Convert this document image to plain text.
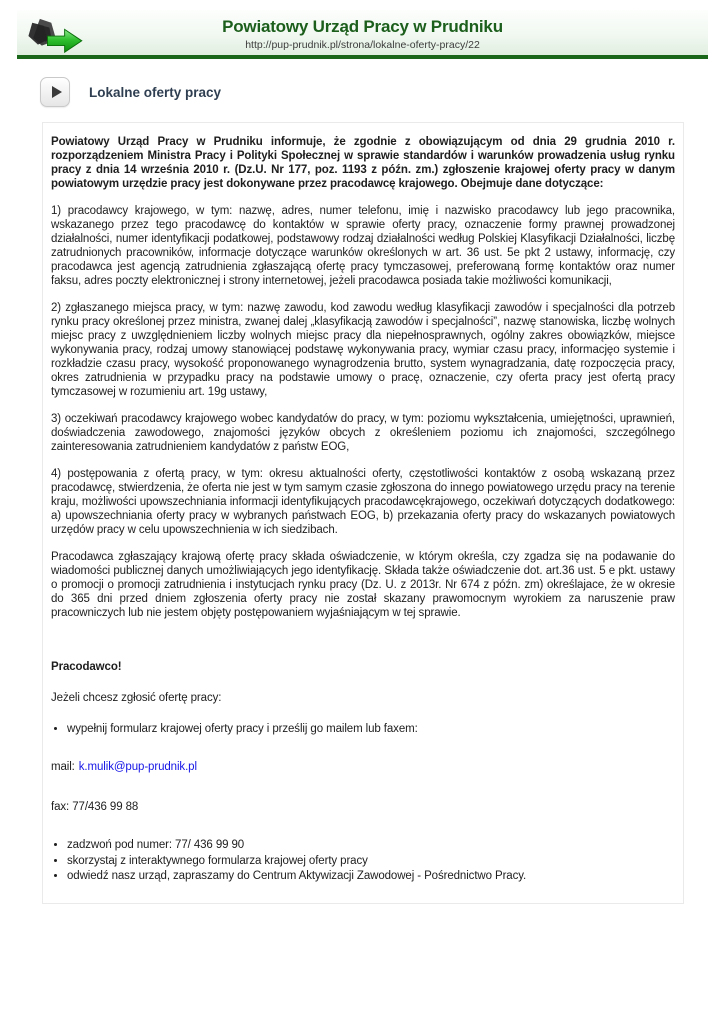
Powiatowy Urząd Pracy w Prudniku
http://pup-prudnik.pl/strona/lokalne-oferty-pracy/22
Lokalne oferty pracy

Powiatowy Urząd Pracy w Prudniku informuje, że zgodnie z obowiązującym od dnia 29 grudnia 2010 r. rozporządzeniem Ministra Pracy i Polityki Społecznej w sprawie standardów i warunków prowadzenia usług rynku pracy z dnia 14 września 2010 r. (Dz.U. Nr 177, poz. 1193 z późn. zm.) zgłoszenie krajowej oferty pracy w danym powiatowym urzędzie pracy jest dokonywane przez pracodawcę krajowego. Obejmuje dane dotyczące:

1) pracodawcy krajowego, w tym: nazwę, adres, numer telefonu, imię i nazwisko pracodawcy lub jego pracownika, wskazanego przez tego pracodawcę do kontaktów w sprawie oferty pracy, oznaczenie formy prawnej prowadzonej działalności, numer identyfikacji podatkowej, podstawowy rodzaj działalności według Polskiej Klasyfikacji Działalności, liczbę zatrudnionych pracowników, informacje dotyczące warunków określonych w art. 36 ust. 5e pkt 2 ustawy, informację, czy pracodawca jest agencją zatrudnienia zgłaszającą ofertę pracy tymczasowej, preferowaną formę kontaktów oraz numer faksu, adres poczty elektronicznej i strony internetowej, jeżeli pracodawca posiada takie możliwości komunikacji,

2) zgłaszanego miejsca pracy, w tym: nazwę zawodu, kod zawodu według klasyfikacji zawodów i specjalności dla potrzeb rynku pracy określonej przez ministra, zwanej dalej „klasyfikacją zawodów i specjalności”, nazwę stanowiska, liczbę wolnych miejsc pracy z uwzględnieniem liczby wolnych miejsc pracy dla niepełnosprawnych, ogólny zakres obowiązków, miejsce wykonywania pracy, rodzaj umowy stanowiącej podstawę wykonywania pracy, wymiar czasu pracy, informacjęo systemie i rozkładzie czasu pracy, wysokość proponowanego wynagrodzenia brutto, system wynagradzania, datę rozpoczęcia pracy, okres zatrudnienia w przypadku pracy na podstawie umowy o pracę, oznaczenie, czy oferta pracy jest ofertą pracy tymczasowej w rozumieniu art. 19g ustawy,

3) oczekiwań pracodawcy krajowego wobec kandydatów do pracy, w tym: poziomu wykształcenia, umiejętności, uprawnień, doświadczenia zawodowego, znajomości języków obcych z określeniem poziomu ich znajomości, szczególnego zainteresowania zatrudnieniem kandydatów z państw EOG,

4) postępowania z ofertą pracy, w tym: okresu aktualności oferty, częstotliwości kontaktów z osobą wskazaną przez pracodawcę, stwierdzenia, że oferta nie jest w tym samym czasie zgłoszona do innego powiatowego urzędu pracy na terenie kraju, możliwości upowszechniania informacji identyfikujących pracodawcękrajowego, oczekiwań dotyczących dodatkowego: a) upowszechniania oferty pracy w wybranych państwach EOG, b) przekazania oferty pracy do wskazanych powiatowych urzędów pracy w celu upowszechnienia w ich siedzibach.

Pracodawca zgłaszający krajową ofertę pracy składa oświadczenie, w którym określa, czy zgadza się na podawanie do wiadomości publicznej danych umożliwiających jego identyfikację. Składa także oświadczenie dot. art.36 ust. 5 e pkt. ustawy o promocji o promocji zatrudnienia i instytucjach rynku pracy (Dz. U. z 2013r. Nr 674 z późn. zm) określajace, że w okresie do 365 dni przed dniem zgłoszenia oferty pracy nie został skazany prawomocnym wyrokiem za naruszenie praw pracowniczych lub nie jestem objęty postępowaniem wyjaśniającym w tej sprawie.

Pracodawco!

Jeżeli chcesz zgłosić ofertę pracy:

• wypełnij formularz krajowej oferty pracy i prześlij go mailem lub faxem:

mail: k.mulik@pup-prudnik.pl

fax: 77/436 99 88

• zadzwoń pod numer: 77/ 436 99 90
• skorzystaj z interaktywnego formularza krajowej oferty pracy
• odwiedź nasz urząd, zapraszamy do Centrum Aktywizacji Zawodowej - Pośrednictwo Pracy.
